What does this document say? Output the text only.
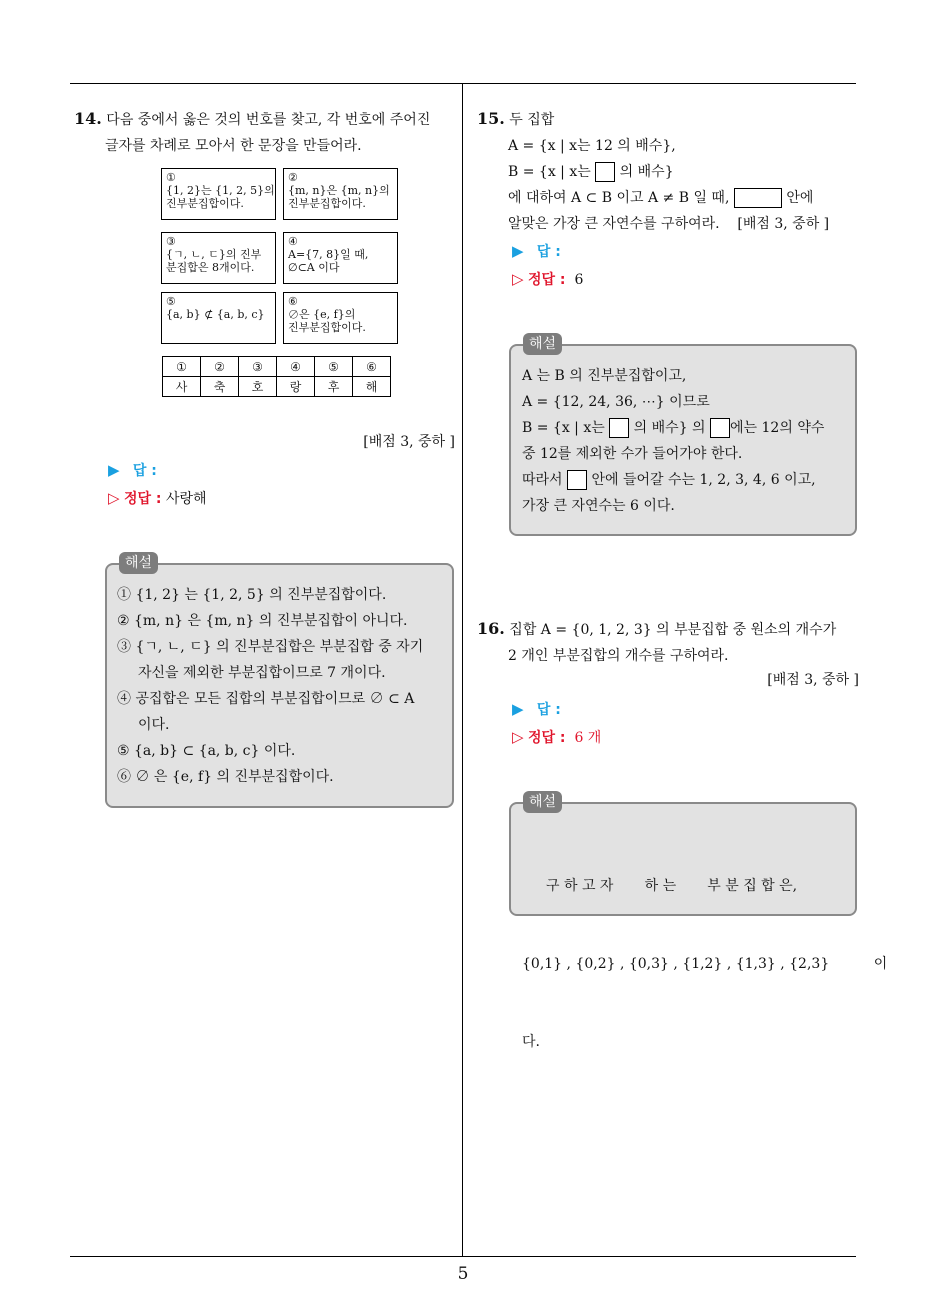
5
14. 다음 중에서 옳은 것의 번호를 찾고, 각 번호에 주어진
글자를 차례로 모아서 한 문장을 만들어라.
①
{1, 2}는 {1, 2, 5}의
진부분집합이다.
②
{m, n}은 {m, n}의
진부분집합이다.
③
{ㄱ, ㄴ, ㄷ}의 진부
분집합은 8개이다.
④
A={7, 8}일 때,
∅⊂A 이다
⑤
{a, b} ⊄ {a, b, c}
⑥
∅은 {e, f}의
진부분집합이다.
①	②	③	④	⑤	⑥
사	축	호	랑	후	해
[배점 3, 중하 ]
▶ 답 :
▷ 정답 : 사랑해
해설
① {1, 2} 는 {1, 2, 5} 의 진부분집합이다.
② {m, n} 은 {m, n} 의 진부분집합이 아니다.
③ {ㄱ, ㄴ, ㄷ} 의 진부분집합은 부분집합 중 자기
자신을 제외한 부분집합이므로 7 개이다.
④ 공집합은 모든 집합의 부분집합이므로 ∅ ⊂ A
이다.
⑤ {a, b} ⊂ {a, b, c} 이다.
⑥ ∅ 은 {e, f} 의 진부분집합이다.
15. 두 집합
A = {x | x는 12 의 배수},
B = {x | x는 의 배수}
에 대하여 A ⊂ B 이고 A ≠ B 일 때,	안에
알맞은 가장 큰 자연수를 구하여라. [배점 3, 중하 ]
▶ 답 :
▷ 정답 : 6
해설
A 는 B 의 진부분집합이고,
A = {12, 24, 36, ⋯} 이므로
B = {x | x는 의 배수} 의 에는 12의 약수
중 12를 제외한 수가 들어가야 한다.
따라서 안에 들어갈 수는 1, 2, 3, 4, 6 이고,
가장 큰 자연수는 6 이다.
16. 집합 A = {0, 1, 2, 3} 의 부분집합 중 원소의 개수가
2 개인 부분집합의 개수를 구하여라.
[배점 3, 중하 ]
▶ 답 :
▷ 정답 : 6 개
해설

구 하 고 자       하 는       부 분 집 합 은,

{0,1} , {0,2} , {0,3} , {1,2} , {1,3} , {2,3}          이

다.
